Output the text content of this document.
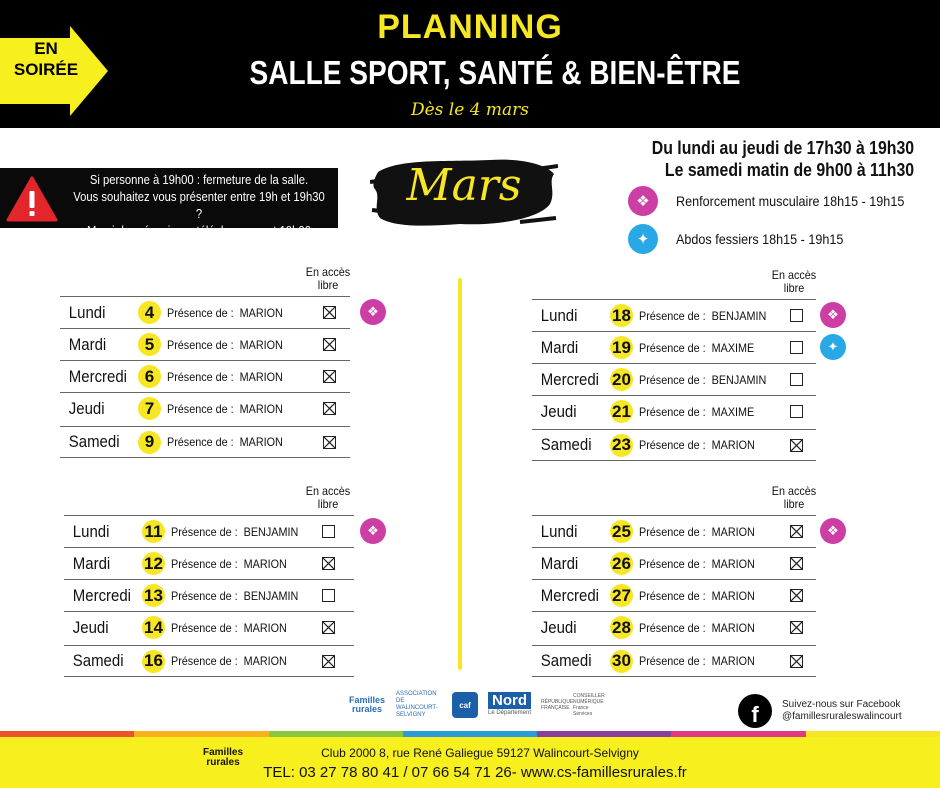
EN
SOIRÉE
PLANNING
SALLE SPORT, SANTÉ & BIEN-ÊTRE
Dès le 4 mars
Du lundi au jeudi de 17h30 à 19h30
Le samedi matin de 9h00 à 11h30
❖	Renforcement musculaire 18h15 - 19h15
✦	Abdos fessiers 18h15 - 19h15
Si personne à 19h00 : fermeture de la salle.
Vous souhaitez vous présenter entre 19h et 19h30 ?
Merci de prévenir par téléphone avant 19h00
Mars
En accès libre
Lundi	4	Présence de : MARION	❖
Mardi	5	Présence de : MARION
Mercredi	6	Présence de : MARION
Jeudi	7	Présence de : MARION
Samedi	9	Présence de : MARION
En accès libre
Lundi	18 Présence de : BENJAMIN	❖
Mardi	19 Présence de : MAXIME	✦
Mercredi 20 Présence de : BENJAMIN
Jeudi	21 Présence de : MAXIME
Samedi	23 Présence de : MARION
En accès libre
Lundi	11 Présence de : BENJAMIN	❖
Mardi	12 Présence de : MARION
Mercredi 13 Présence de : BENJAMIN
Jeudi	14 Présence de : MARION
Samedi	16 Présence de : MARION
En accès libre
Lundi	25 Présence de : MARION	❖
Mardi	26 Présence de : MARION
Mercredi 27 Présence de : MARION
Jeudi	28 Présence de : MARION
Samedi	30 Présence de : MARION
Familles rurales
ASSOCIATION DE WALINCOURT-SELVIGNY
caf	Nord
Le Département
RÉPUBLIQUE FRANÇAISE
CONSEILLER NUMÉRIQUE France Services	f	Suivez-nous sur Facebook
@famillesruraleswalincourt
Familles rurales
Club 2000 8, rue René Galiegue 59127 Walincourt-Selvigny
TEL: 03 27 78 80 41 / 07 66 54 71 26- www.cs-famillesrurales.fr
